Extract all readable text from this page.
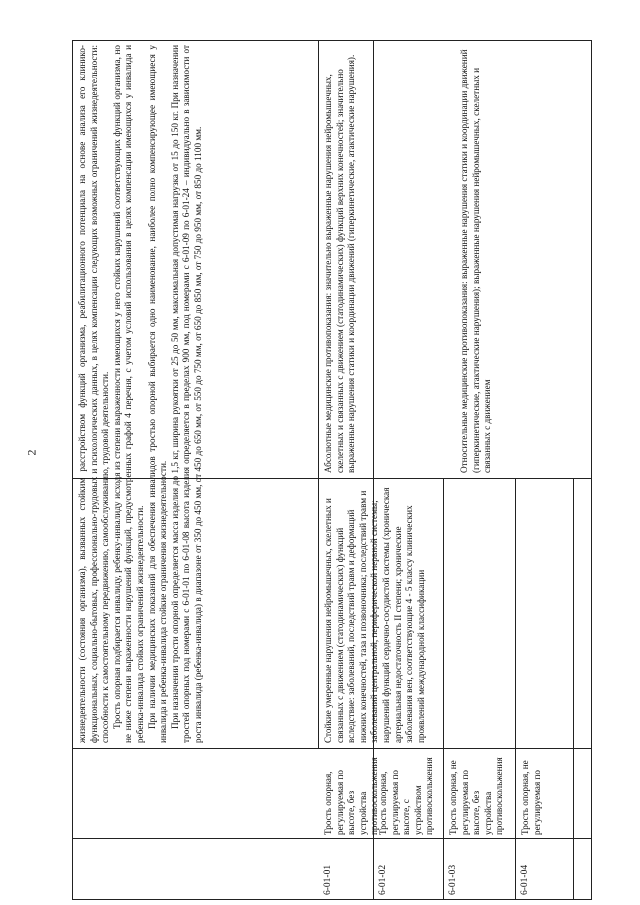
2	жизнедеятельности (состояния организма), вызванных стойким расстройством функций организма, реабилитационного потенциала на основе анализа его клинико-функциональных, социально-бытовых, профессионально-трудовых и психологических данных, в целях компенсации следующих возможных ограничений жизнедеятельности: способности к самостоятельному передвижению, самообслуживанию, трудовой деятельности. Трость опорная подбирается инвалиду, ребенку-инвалиду исходя из степени выраженности имеющихся у него стойких нарушений соответствующих функций организма, но не ниже степени выраженности нарушений функций, предусмотренных графой 4 перечня, с учетом условий использования в целях компенсации имеющихся у инвалида и ребенка-инвалида стойких ограничений жизнедеятельности. При наличии медицинских показаний для обеспечения инвалидов тростью опорной выбирается одно наименование, наиболее полно компенсирующее имеющиеся у инвалида и ребенка-инвалида стойкие ограничения жизнедеятельности. При назначении трости опорной определяется масса изделия до 1,5 кг, ширина рукоятки от 25 до 50 мм, максимальная допустимая нагрузка от 15 до 150 кг. При назначении тростей опорных под номерами с 6-01-01 по 6-01-08 высота изделия определяется в пределах 900 мм, под номерами с 6-01-09 по 6-01-24 – индивидуально в зависимости от роста инвалида (ребенка-инвалида) в диапазоне от 350 до 450 мм, от 450 до 650 мм, от 550 до 750 мм, от 650 до 850 мм, от 750 до 950 мм, от 850 до 1100 мм.

6-01-01
Трость опорная, регулируемая по высоте, без устройства противоскольжения
6-01-02
Трость опорная, регулируемая по высоте, с устройством противоскольжения
6-01-03
Трость опорная, не регулируемая по высоте, без устройства противоскольжения
6-01-04
Трость опорная, не регулируемая по
Стойкие умеренные нарушения нейромышечных, скелетных и связанных с движением (статодинамических) функций вследствие: заболеваний, последствий травм и деформаций нижних конечностей, таза и позвоночника; последствий травм и заболеваний центральной, периферической нервной системы; нарушений функций сердечно-сосудистой системы (хроническая артериальная недостаточность II степени; хронические заболевания вен, соответствующие 4 - 5 классу клинических проявлений международной классификации
Абсолютные медицинские противопоказания: значительно выраженные нарушения нейромышечных, скелетных и связанных с движением (статодинамических) функций верхних конечностей; значительно выраженные нарушения статики и координации движений (гиперкинетические, атактические нарушения).	Относительные медицинские противопоказания: выраженные нарушения статики и координации движений (гиперкинетические, атактические нарушения); выраженные нарушения нейромышечных, скелетных и связанных с движением
